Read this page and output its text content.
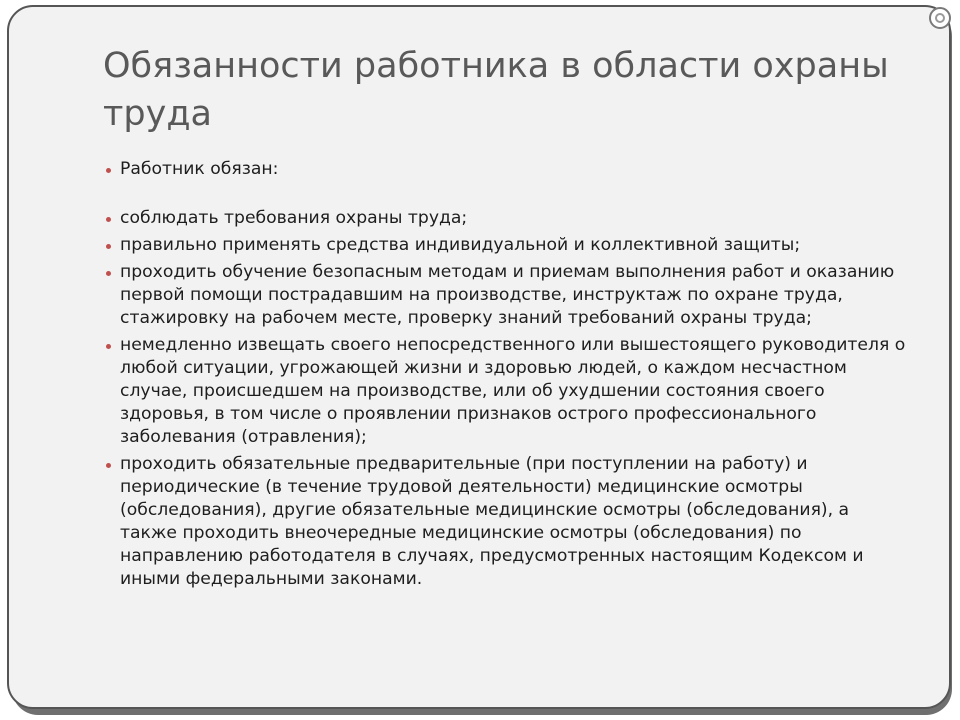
Обязанности работника в области охраны труда
Работник обязан:
соблюдать требования охраны труда;
правильно применять средства индивидуальной и коллективной защиты;
проходить обучение безопасным методам и приемам выполнения работ и оказанию первой помощи пострадавшим на производстве, инструктаж по охране труда, стажировку на рабочем месте, проверку знаний требований охраны труда;
немедленно извещать своего непосредственного или вышестоящего руководителя о любой ситуации, угрожающей жизни и здоровью людей, о каждом несчастном случае, происшедшем на производстве, или об ухудшении состояния своего здоровья, в том числе о проявлении признаков острого профессионального заболевания (отравления);
проходить обязательные предварительные (при поступлении на работу) и периодические (в течение трудовой деятельности) медицинские осмотры (обследования), другие обязательные медицинские осмотры (обследования), а также проходить внеочередные медицинские осмотры (обследования) по направлению работодателя в случаях, предусмотренных настоящим Кодексом и иными федеральными законами.
